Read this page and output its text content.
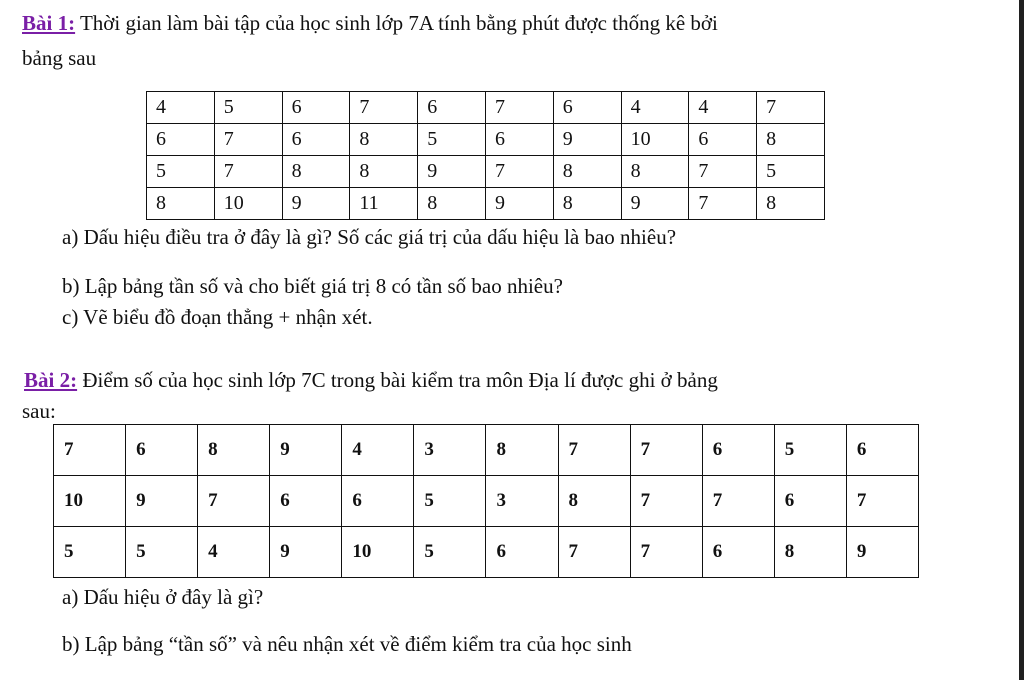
Bài 1: Thời gian làm bài tập của học sinh lớp 7A tính bằng phút được thống kê bởi
bảng sau
4	5	6	7	6	7	6	4	4	7
6	7	6	8	5	6	9	10	6	8
5	7	8	8	9	7	8	8	7	5
8	10	9	11	8	9	8	9	7	8
a) Dấu hiệu điều tra ở đây là gì? Số các giá trị của dấu hiệu là bao nhiêu?
b) Lập bảng tần số và cho biết giá trị 8 có tần số bao nhiêu?
c) Vẽ biểu đồ đoạn thẳng + nhận xét.
Bài 2: Điểm số của học sinh lớp 7C trong bài kiểm tra môn Địa lí được ghi ở bảng
sau:
7	6	8	9	4	3	8	7	7	6	5	6
10	9	7	6	6	5	3	8	7	7	6	7
5	5	4	9	10	5	6	7	7	6	8	9
a) Dấu hiệu ở đây là gì?
b) Lập bảng “tần số” và nêu nhận xét về điểm kiểm tra của học sinh
